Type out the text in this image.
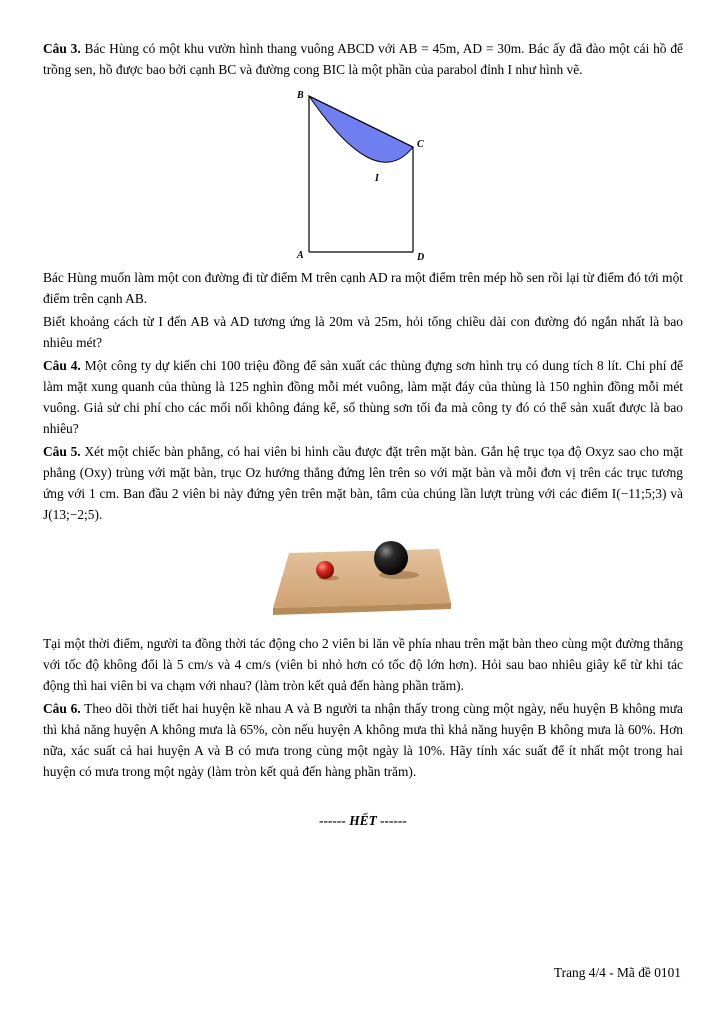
Câu 3. Bác Hùng có một khu vườn hình thang vuông ABCD với AB = 45m, AD = 30m. Bác ấy đã đào một cái hồ để trồng sen, hồ được bao bởi cạnh BC và đường cong BIC là một phần của parabol đỉnh I như hình vẽ.

B
C
I
A	D

Bác Hùng muốn làm một con đường đi từ điểm M trên cạnh AD ra một điểm trên mép hồ sen rồi lại từ điểm đó tới một điểm trên cạnh AB.

Biết khoảng cách từ I đến AB và AD tương ứng là 20m và 25m, hỏi tổng chiều dài con đường đó ngắn nhất là bao nhiêu mét?

Câu 4. Một công ty dự kiến chi 100 triệu đồng để sản xuất các thùng đựng sơn hình trụ có dung tích 8 lít. Chi phí để làm mặt xung quanh của thùng là 125 nghìn đồng mỗi mét vuông, làm mặt đáy của thùng là 150 nghìn đồng mỗi mét vuông. Giả sử chi phí cho các mối nối không đáng kể, số thùng sơn tối đa mà công ty đó có thể sản xuất được là bao nhiêu?

Câu 5. Xét một chiếc bàn phẳng, có hai viên bi hình cầu được đặt trên mặt bàn. Gắn hệ trục tọa độ Oxyz sao cho mặt phẳng (Oxy) trùng với mặt bàn, trục Oz hướng thẳng đứng lên trên so với mặt bàn và mỗi đơn vị trên các trục tương ứng với 1 cm. Ban đầu 2 viên bi này đứng yên trên mặt bàn, tâm của chúng lần lượt trùng với các điểm I(−11;5;3) và J(13;−2;5).

Tại một thời điểm, người ta đồng thời tác động cho 2 viên bi lăn về phía nhau trên mặt bàn theo cùng một đường thẳng với tốc độ không đổi là 5 cm/s và 4 cm/s (viên bi nhỏ hơn có tốc độ lớn hơn). Hỏi sau bao nhiêu giây kể từ khi tác động thì hai viên bi va chạm với nhau? (làm tròn kết quả đến hàng phần trăm).

Câu 6. Theo dõi thời tiết hai huyện kề nhau A và B người ta nhận thấy trong cùng một ngày, nếu huyện B không mưa thì khả năng huyện A không mưa là 65%, còn nếu huyện A không mưa thì khả năng huyện B không mưa là 60%. Hơn nữa, xác suất cả hai huyện A và B có mưa trong cùng một ngày là 10%. Hãy tính xác suất để ít nhất một trong hai huyện có mưa trong một ngày (làm tròn kết quả đến hàng phần trăm).

------ HẾT ------
Trang 4/4 - Mã đề 0101
